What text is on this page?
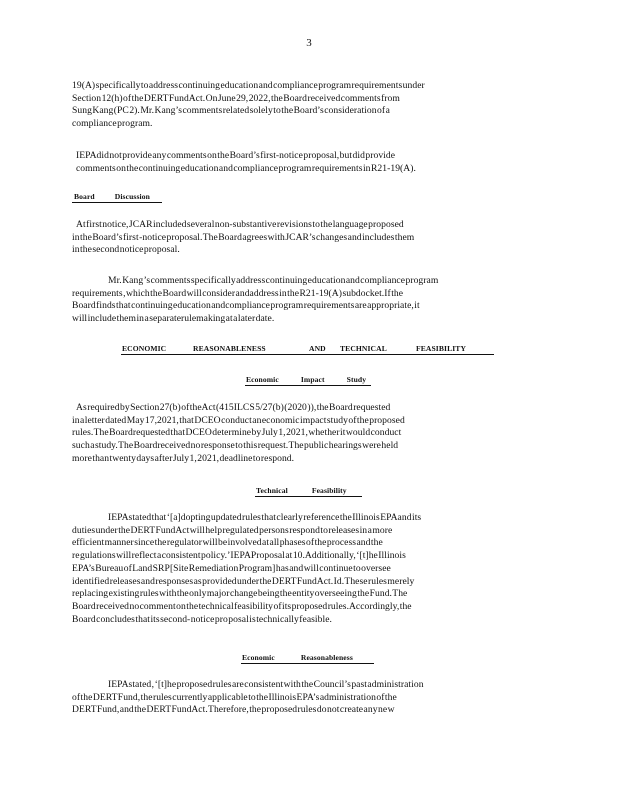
3
19(A) specifically to address continuing education and compliance program requirements under
Section 12(h) of the DERT Fund Act. On June 29, 2022, the Board received comments from
Sung Kang (PC 2). Mr. Kang’s comments related solely to the Board’s consideration of a
compliance program.
IEPA did not provide any comments on the Board’s first-notice proposal, but did provide
comments on the continuing education and compliance program requirements in R21-19(A).
Board Discussion
At first notice, JCAR included several non-substantive revisions to the language proposed
in the Board’s first -notice proposal. The Board agrees with JCAR’s changes and includes them
in the second notice proposal.
Mr. Kang ’s comments specifically address continuing education and compliance program
requirements , which the Board will consider andaddress in the R21-19(A) subdocket.If the
Board finds that continuing education andcompliance program requirements are appropriate, it
will include them in a separaterulemaking at a later date.
ECONOMIC	REASONABLENESS	AND TECHNICAL	FEASIBILITY
Economic Impact Study
As required by Section 27(b) of the Act (415ILCS 5/27(b) (2020 )), the Board requested
in a letter dated May 17,2021, that DCEO conduct an economic impact study of the proposed
rules. The Boardrequested that DCEO determine by July 1, 2021, whether it would conduct
such a study. The Boardreceived no response to this request. The public hearings were held
more than twenty days after July 1, 2021, deadline to respond.
Technical Feasibility
IEPA stated that ‘[a]dopting updated rules that clearly reference the Illinois EPA and its
duties under the DERT Fund Act will help regulated persons respond to releases in a more
efficient manner since the regulator will be involved at all phases of the process and the
re gulations will reflect a consistent policy.’IEPA Proposal at 10. Additionally, ‘[t]he Illinois
EPA’s Bureau of Land SRP [Site Remediation Program] has and will continue to oversee
identified releases and responses as provided under the DERT Fund Act. Id. These rules merely
replacing existing rules with the only major change being the entity overseeing the Fund. The
Board received no comment on the technical feasibility of its proposed rules. Accordingly, the
Board concludes that its second- notice pro posal is technically feasible.
Economic Reasonableness
IEPA stated , ‘[t]he proposed rules are consistent with the Council’s past administration
of the DERT Fund, the rules currently applicable to the Illinois EPA’s administration of the
DERT Fund, and the DERT Fund Act. Therefore, the proposed rules do not create any ne w
